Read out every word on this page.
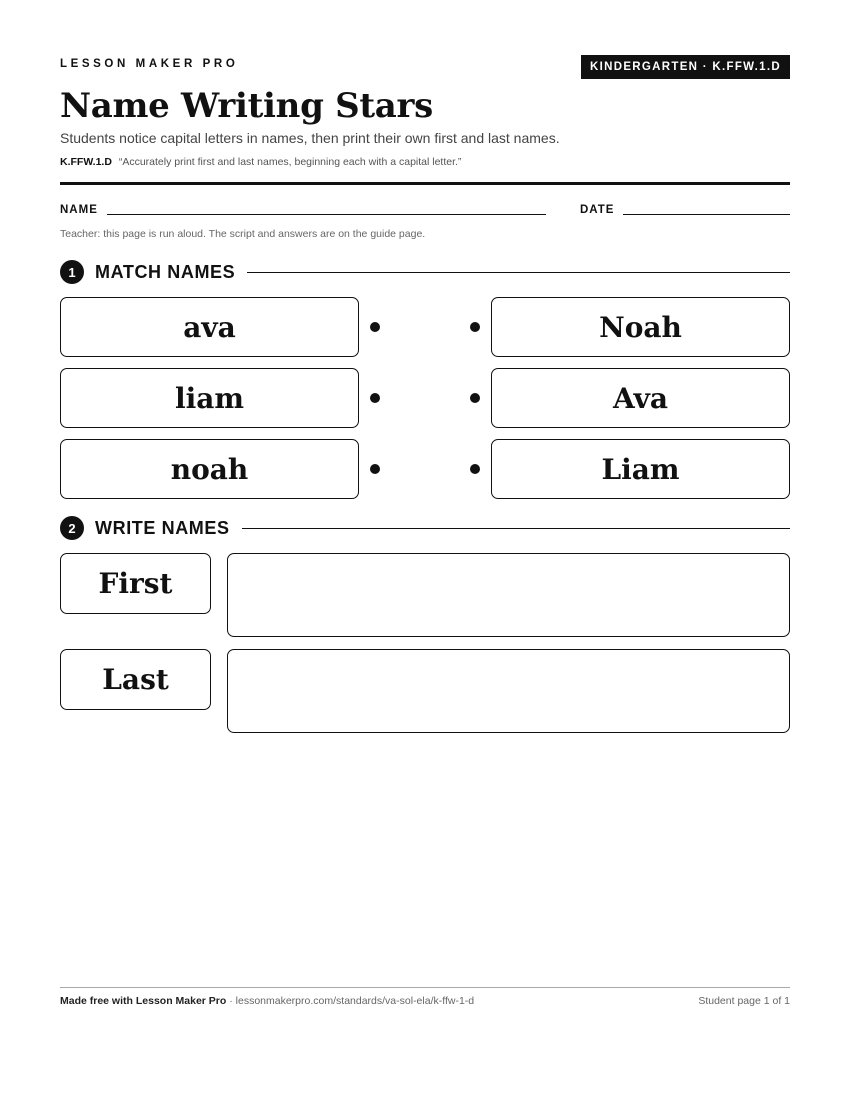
LESSON MAKER PRO	KINDERGARTEN · K.FFW.1.D
Name Writing Stars
Students notice capital letters in names, then print their own first and last names.
K.FFW.1.D “Accurately print first and last names, beginning each with a capital letter.”
NAME	DATE
Teacher: this page is run aloud. The script and answers are on the guide page.
1	MATCH NAMES
ava	Noah
liam	Ava
noah	Liam
2	WRITE NAMES
First
Last
Made free with Lesson Maker Pro · lessonmakerpro.com/standards/va-sol-ela/k-ffw-1-d	Student page 1 of 1
